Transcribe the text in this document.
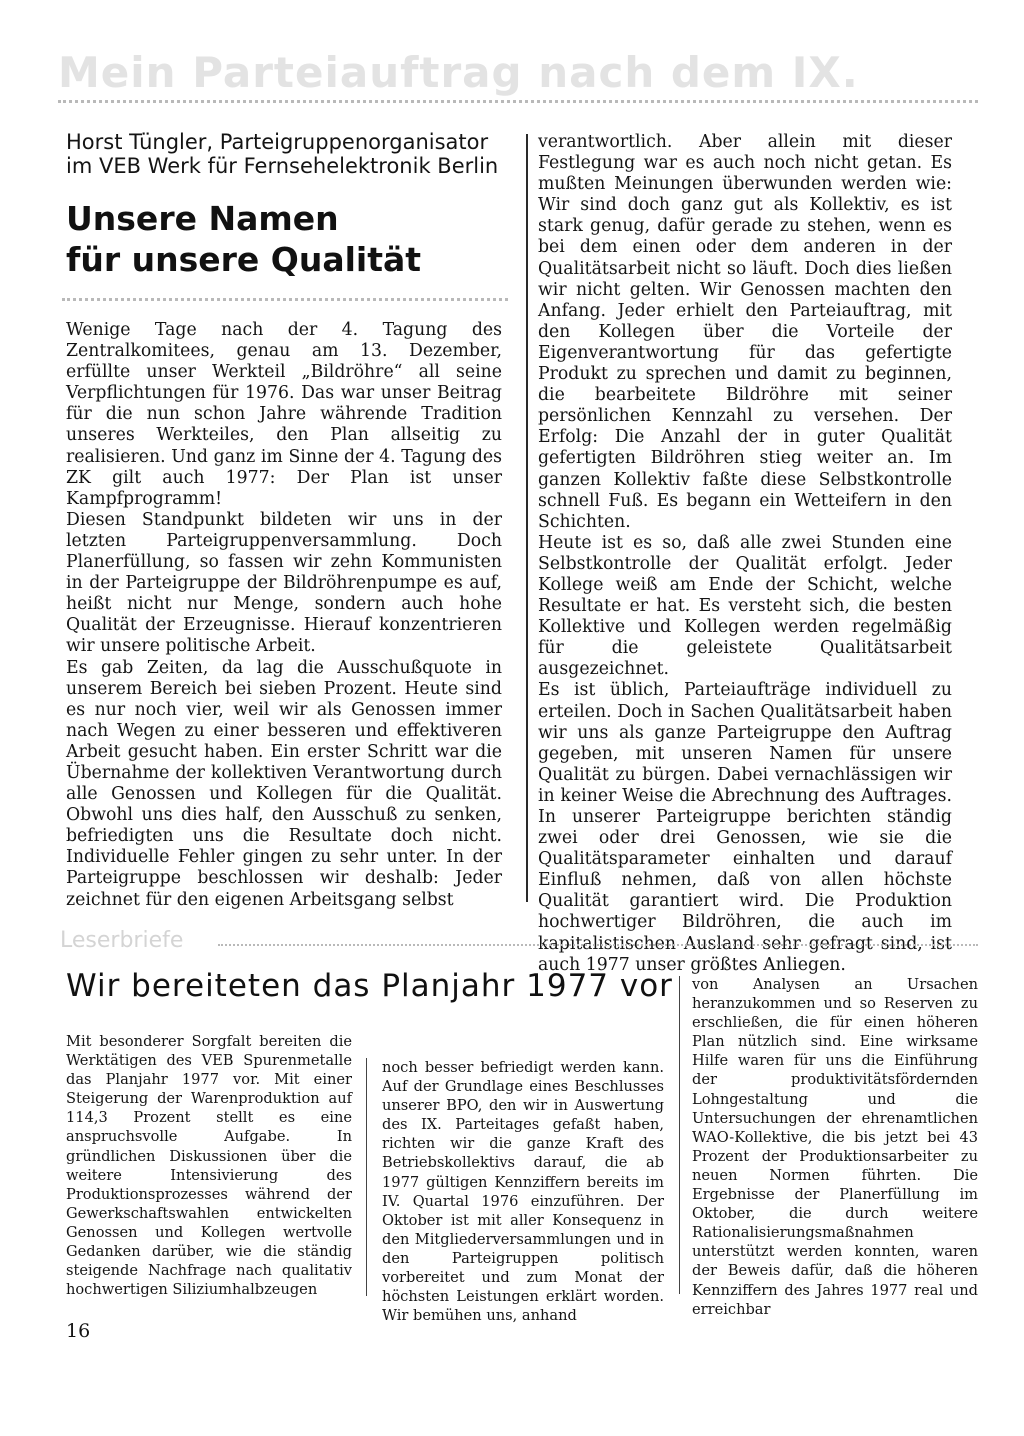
Mein Parteiauftrag nach dem IX.
Horst Tüngler, Parteigruppenorganisator
im VEB Werk für Fernsehelektronik Berlin
Unsere Namen
für unsere Qualität

Wenige Tage nach der 4. Tagung des Zentralkomitees, genau am 13. Dezember, erfüllte unser Werkteil „Bildröhre“ all seine Verpflichtungen für 1976. Das war unser Beitrag für die nun schon Jahre währende Tradition unseres Werkteiles, den Plan allseitig zu realisieren. Und ganz im Sinne der 4. Tagung des ZK gilt auch 1977: Der Plan ist unser Kampfprogramm!

Diesen Standpunkt bildeten wir uns in der letzten Parteigruppenversammlung. Doch Planerfüllung, so fassen wir zehn Kommunisten in der Parteigruppe der Bildröhrenpumpe es auf, heißt nicht nur Menge, sondern auch hohe Qualität der Erzeugnisse. Hierauf konzentrieren wir unsere politische Arbeit.

Es gab Zeiten, da lag die Ausschußquote in unserem Bereich bei sieben Prozent. Heute sind es nur noch vier, weil wir als Genossen immer nach Wegen zu einer besseren und effektiveren Arbeit gesucht haben. Ein erster Schritt war die Übernahme der kollektiven Verantwortung durch alle Genossen und Kollegen für die Qualität. Obwohl uns dies half, den Ausschuß zu senken, befriedigten uns die Resultate doch nicht. Individuelle Fehler gingen zu sehr unter. In der Parteigruppe beschlossen wir deshalb: Jeder zeichnet für den eigenen Arbeitsgang selbst

verantwortlich. Aber allein mit dieser Festlegung war es auch noch nicht getan. Es mußten Meinungen überwunden werden wie: Wir sind doch ganz gut als Kollektiv, es ist stark genug, dafür gerade zu stehen, wenn es bei dem einen oder dem anderen in der Qualitätsarbeit nicht so läuft. Doch dies ließen wir nicht gelten. Wir Genossen machten den Anfang. Jeder erhielt den Parteiauftrag, mit den Kollegen über die Vorteile der Eigenverantwortung für das gefertigte Produkt zu sprechen und damit zu beginnen, die bearbeitete Bildröhre mit seiner persönlichen Kennzahl zu versehen. Der Erfolg: Die Anzahl der in guter Qualität gefertigten Bildröhren stieg weiter an. Im ganzen Kollektiv faßte diese Selbstkontrolle schnell Fuß. Es begann ein Wetteifern in den Schichten.

Heute ist es so, daß alle zwei Stunden eine Selbstkontrolle der Qualität erfolgt. Jeder Kollege weiß am Ende der Schicht, welche Resultate er hat. Es versteht sich, die besten Kollektive und Kollegen werden regelmäßig für die geleistete Qualitätsarbeit ausgezeichnet.

Es ist üblich, Parteiaufträge individuell zu erteilen. Doch in Sachen Qualitätsarbeit haben wir uns als ganze Parteigruppe den Auftrag gegeben, mit unseren Namen für unsere Qualität zu bürgen. Dabei vernachlässigen wir in keiner Weise die Abrechnung des Auftrages. In unserer Parteigruppe berichten ständig zwei oder drei Genossen, wie sie die Qualitätsparameter einhalten und darauf Einfluß nehmen, daß von allen höchste Qualität garantiert wird. Die Produktion hochwertiger Bildröhren, die auch im kapitalistischen Ausland sehr gefragt sind, ist auch 1977 unser größtes Anliegen.

Leserbriefe
Wir bereiteten das Planjahr 1977 vor
Mit besonderer Sorgfalt bereiten die Werktätigen des VEB Spurenmetalle das Planjahr 1977 vor. Mit einer Steigerung der Warenproduktion auf 114,3 Prozent stellt es eine anspruchsvolle Aufgabe. In gründlichen Diskussionen über die weitere Intensivierung des Produktionsprozesses während der Gewerkschaftswahlen entwickelten Genossen und Kollegen wertvolle Gedanken darüber, wie die ständig steigende Nachfrage nach qualitativ hochwertigen Siliziumhalbzeugen
noch besser befriedigt werden kann. Auf der Grundlage eines Beschlusses unserer BPO, den wir in Auswertung des IX. Parteitages gefaßt haben, richten wir die ganze Kraft des Betriebskollektivs darauf, die ab 1977 gültigen Kennziffern bereits im IV. Quartal 1976 einzuführen. Der Oktober ist mit aller Konsequenz in den Mitgliederversammlungen und in den Parteigruppen politisch vorbereitet und zum Monat der höchsten Leistungen erklärt worden. Wir bemühen uns, anhand
von Analysen an Ursachen heranzukommen und so Reserven zu erschließen, die für einen höheren Plan nützlich sind. Eine wirksame Hilfe waren für uns die Einführung der produktivitätsfördernden Lohngestaltung und die Untersuchungen der ehrenamtlichen WAO-Kollektive, die bis jetzt bei 43 Prozent der Produktionsarbeiter zu neuen Normen führten. Die Ergebnisse der Planerfüllung im Oktober, die durch weitere Rationalisierungsmaßnahmen unterstützt werden konnten, waren der Beweis dafür, daß die höheren Kennziffern des Jahres 1977 real und erreichbar
16
